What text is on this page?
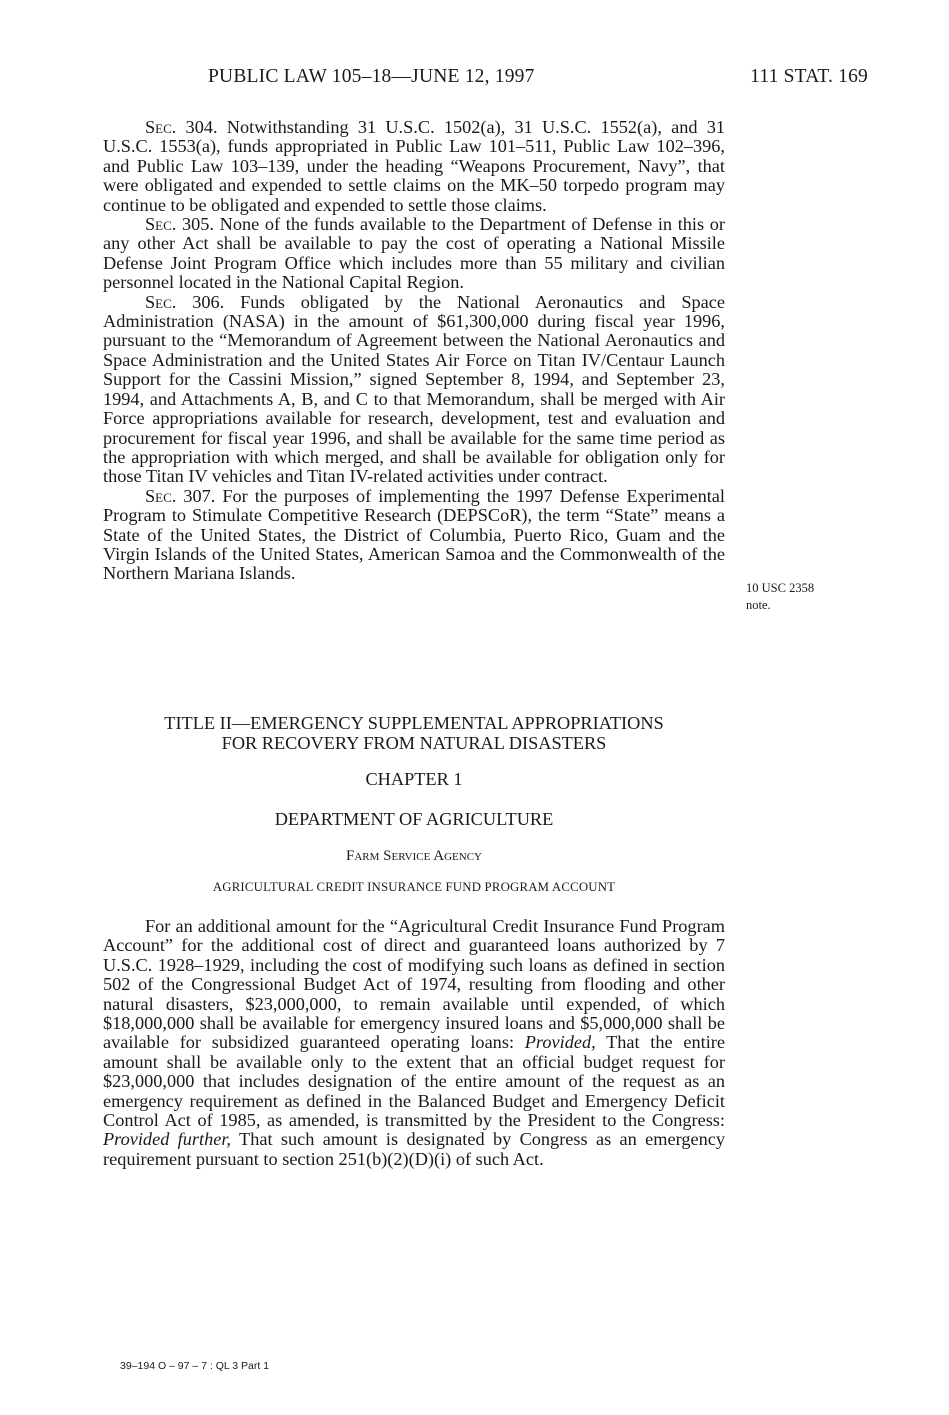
PUBLIC LAW 105–18—JUNE 12, 1997	111 STAT. 169

Sec. 304. Notwithstanding 31 U.S.C. 1502(a), 31 U.S.C. 1552(a), and 31 U.S.C. 1553(a), funds appropriated in Public Law 101–511, Public Law 102–396, and Public Law 103–139, under the heading “Weapons Procurement, Navy”, that were obligated and expended to settle claims on the MK–50 torpedo program may continue to be obligated and expended to settle those claims.

Sec. 305. None of the funds available to the Department of Defense in this or any other Act shall be available to pay the cost of operating a National Missile Defense Joint Program Office which includes more than 55 military and civilian personnel located in the National Capital Region.

Sec. 306. Funds obligated by the National Aeronautics and Space Administration (NASA) in the amount of $61,300,000 during fiscal year 1996, pursuant to the “Memorandum of Agreement between the National Aeronautics and Space Administration and the United States Air Force on Titan IV/Centaur Launch Support for the Cassini Mission,” signed September 8, 1994, and September 23, 1994, and Attachments A, B, and C to that Memorandum, shall be merged with Air Force appropriations available for research, development, test and evaluation and procurement for fiscal year 1996, and shall be available for the same time period as the appropriation with which merged, and shall be available for obligation only for those Titan IV vehicles and Titan IV-related activities under contract.

Sec. 307. For the purposes of implementing the 1997 Defense Experimental Program to Stimulate Competitive Research (DEPSCoR), the term “State” means a State of the United States, the District of Columbia, Puerto Rico, Guam and the Virgin Islands of the United States, American Samoa and the Commonwealth of the Northern Mariana Islands.

10 USC 2358
note.
TITLE II—EMERGENCY SUPPLEMENTAL APPROPRIATIONS
FOR RECOVERY FROM NATURAL DISASTERS
CHAPTER 1
DEPARTMENT OF AGRICULTURE
Farm Service Agency
AGRICULTURAL CREDIT INSURANCE FUND PROGRAM ACCOUNT

For an additional amount for the “Agricultural Credit Insurance Fund Program Account” for the additional cost of direct and guaranteed loans authorized by 7 U.S.C. 1928–1929, including the cost of modifying such loans as defined in section 502 of the Congressional Budget Act of 1974, resulting from flooding and other natural disasters, $23,000,000, to remain available until expended, of which $18,000,000 shall be available for emergency insured loans and $5,000,000 shall be available for subsidized guaranteed operating loans: Provided, That the entire amount shall be available only to the extent that an official budget request for $23,000,000 that includes designation of the entire amount of the request as an emergency requirement as defined in the Balanced Budget and Emergency Deficit Control Act of 1985, as amended, is transmitted by the President to the Congress: Provided further, That such amount is designated by Congress as an emergency requirement pursuant to section 251(b)(2)(D)(i) of such Act.

39–194 O – 97 – 7 : QL 3 Part 1
